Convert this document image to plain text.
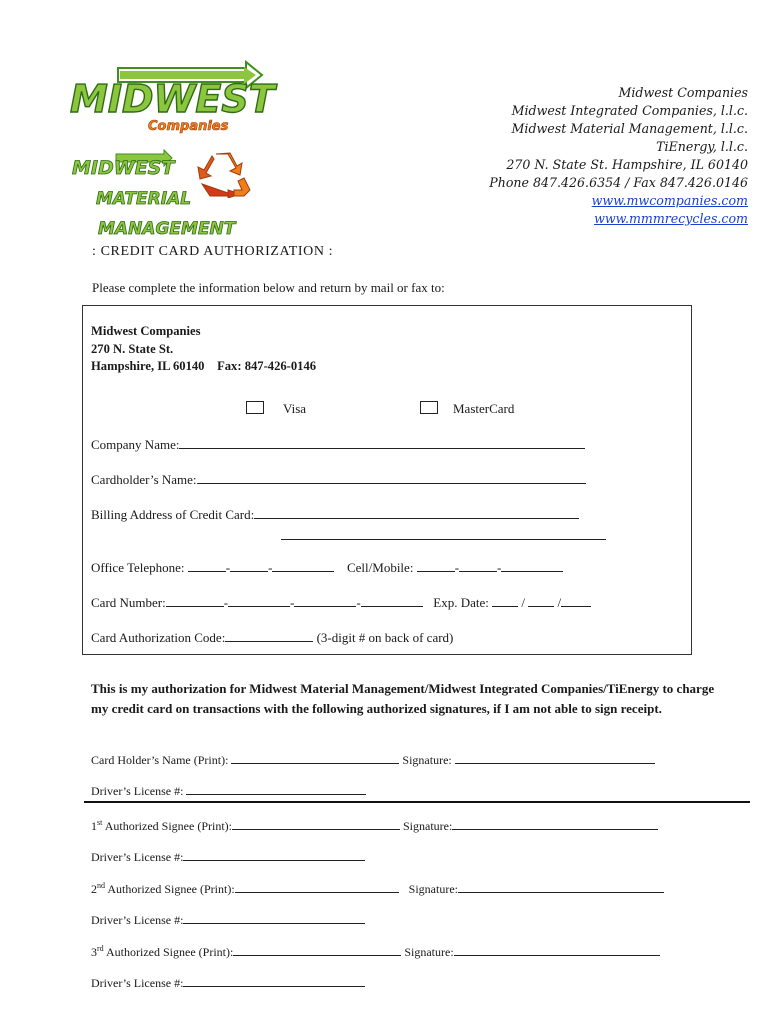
MIDWEST
Companies
MIDWEST
MATERIAL
MANAGEMENT
Midwest Companies
Midwest Integrated Companies, l.l.c.
Midwest Material Management, l.l.c.
TiEnergy, l.l.c.
270 N. State St. Hampshire, IL 60140
Phone 847.426.6354 / Fax 847.426.0146
www.mwcompanies.com
www.mmmrecycles.com
: CREDIT CARD AUTHORIZATION :
Please complete the information below and return by mail or fax to:
Midwest Companies
270 N. State St.
Hampshire, IL 60140    Fax: 847-426-0146
Visa	MasterCard
Company Name:
Cardholder’s Name:
Billing Address of Credit Card:
Office Telephone:	-	-	Cell/Mobile:	-	-
Card Number:	-	-	-	Exp. Date:	/	/
Card Authorization Code:	(3-digit # on back of card)
This is my authorization for Midwest Material Management/Midwest Integrated Companies/TiEnergy to charge my credit card on transactions with the following authorized signatures, if I am not able to sign receipt.
Card Holder’s Name (Print):	Signature:
Driver’s License #:
1st Authorized Signee (Print):	Signature:
Driver’s License #:
2nd Authorized Signee (Print):	Signature:
Driver’s License #:
3rd Authorized Signee (Print):	Signature:
Driver’s License #:
